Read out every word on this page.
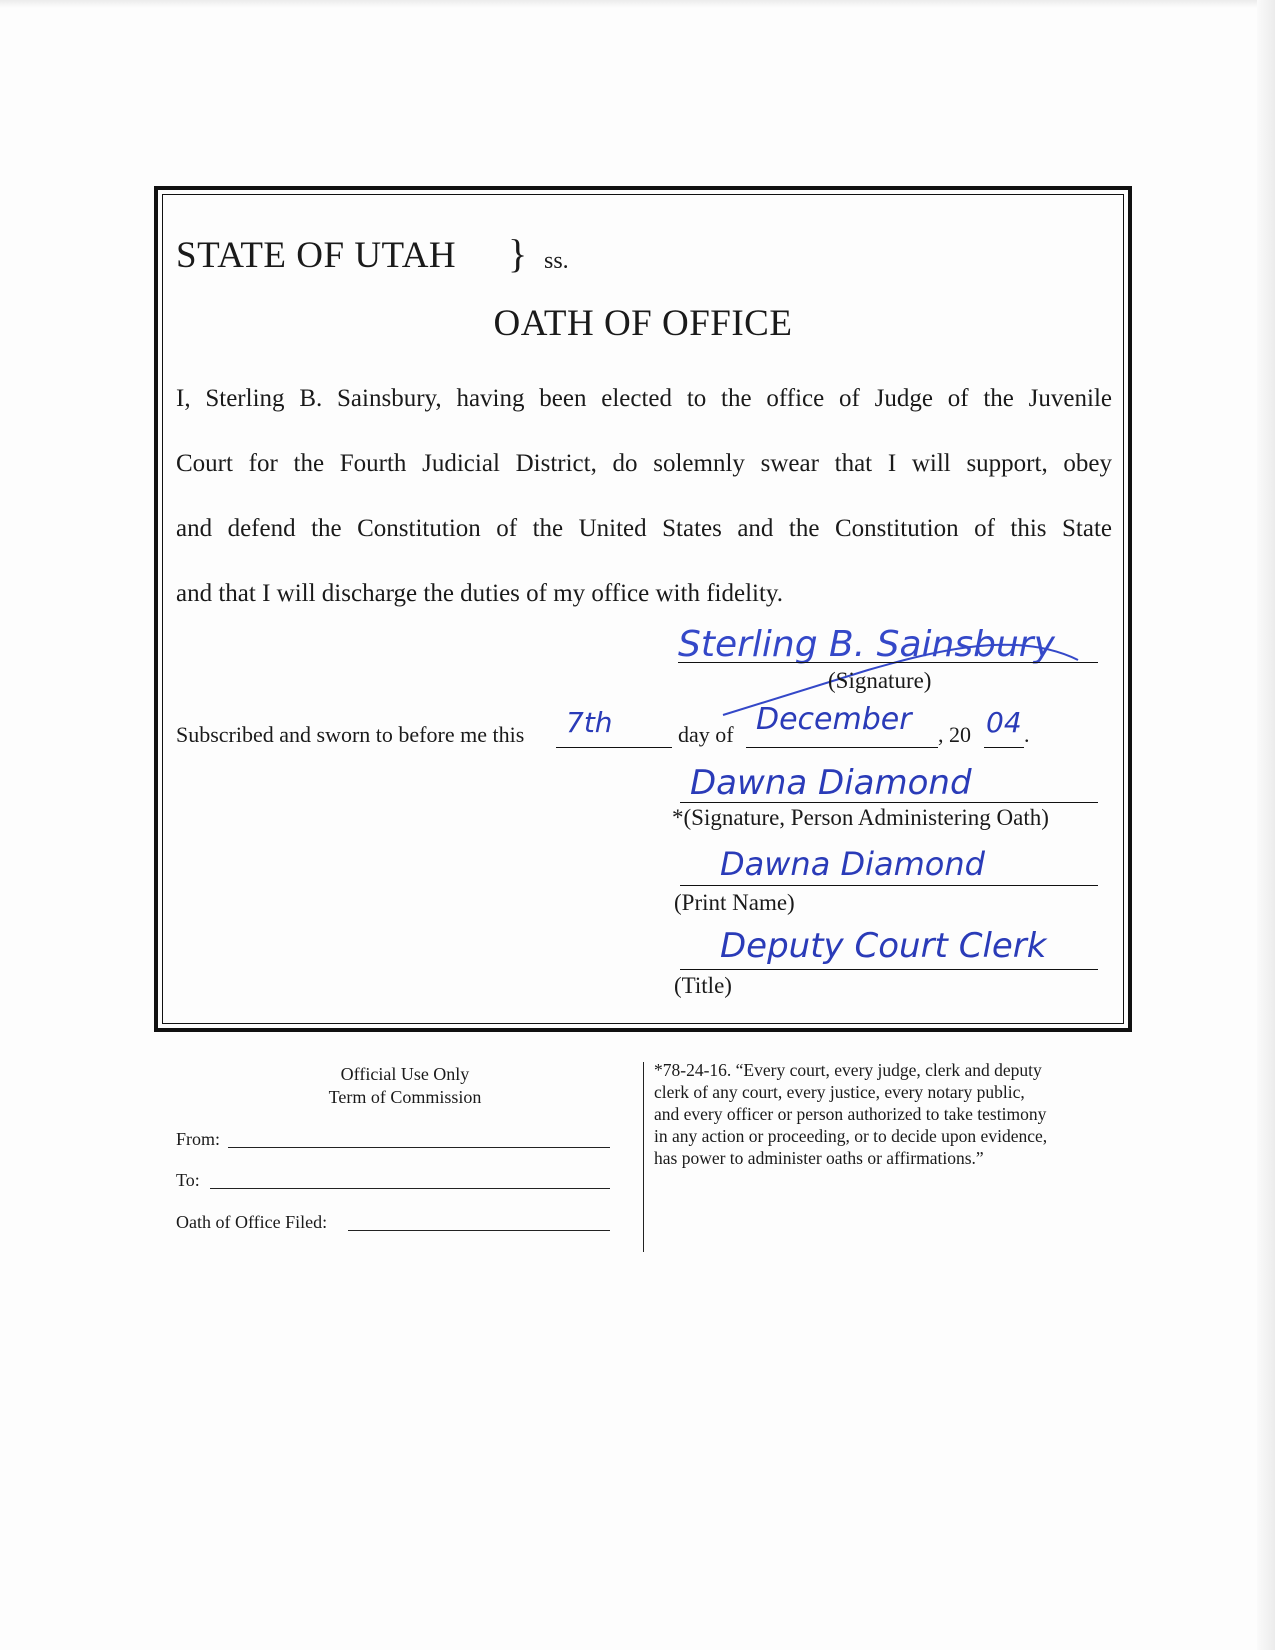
STATE OF UTAH } ss.
OATH OF OFFICE
I, Sterling B. Sainsbury, having been elected to the office of Judge of the Juvenile
Court for the Fourth Judicial District, do solemnly swear that I will support, obey
and defend the Constitution of the United States and the Constitution of this State
and that I will discharge the duties of my office with fidelity.
Sterling B. Sainsbury
(Signature)
Subscribed and sworn to before me this 7th	day of December , 20 04 .
Dawna Diamond
*(Signature, Person Administering Oath)
Dawna Diamond
(Print Name)
Deputy Court Clerk
(Title)
Official Use Only
Term of Commission
From:
To:
Oath of Office Filed:
*78-24-16. “Every court, every judge, clerk and deputy
clerk of any court, every justice, every notary public,
and every officer or person authorized to take testimony
in any action or proceeding, or to decide upon evidence,
has power to administer oaths or affirmations.”
